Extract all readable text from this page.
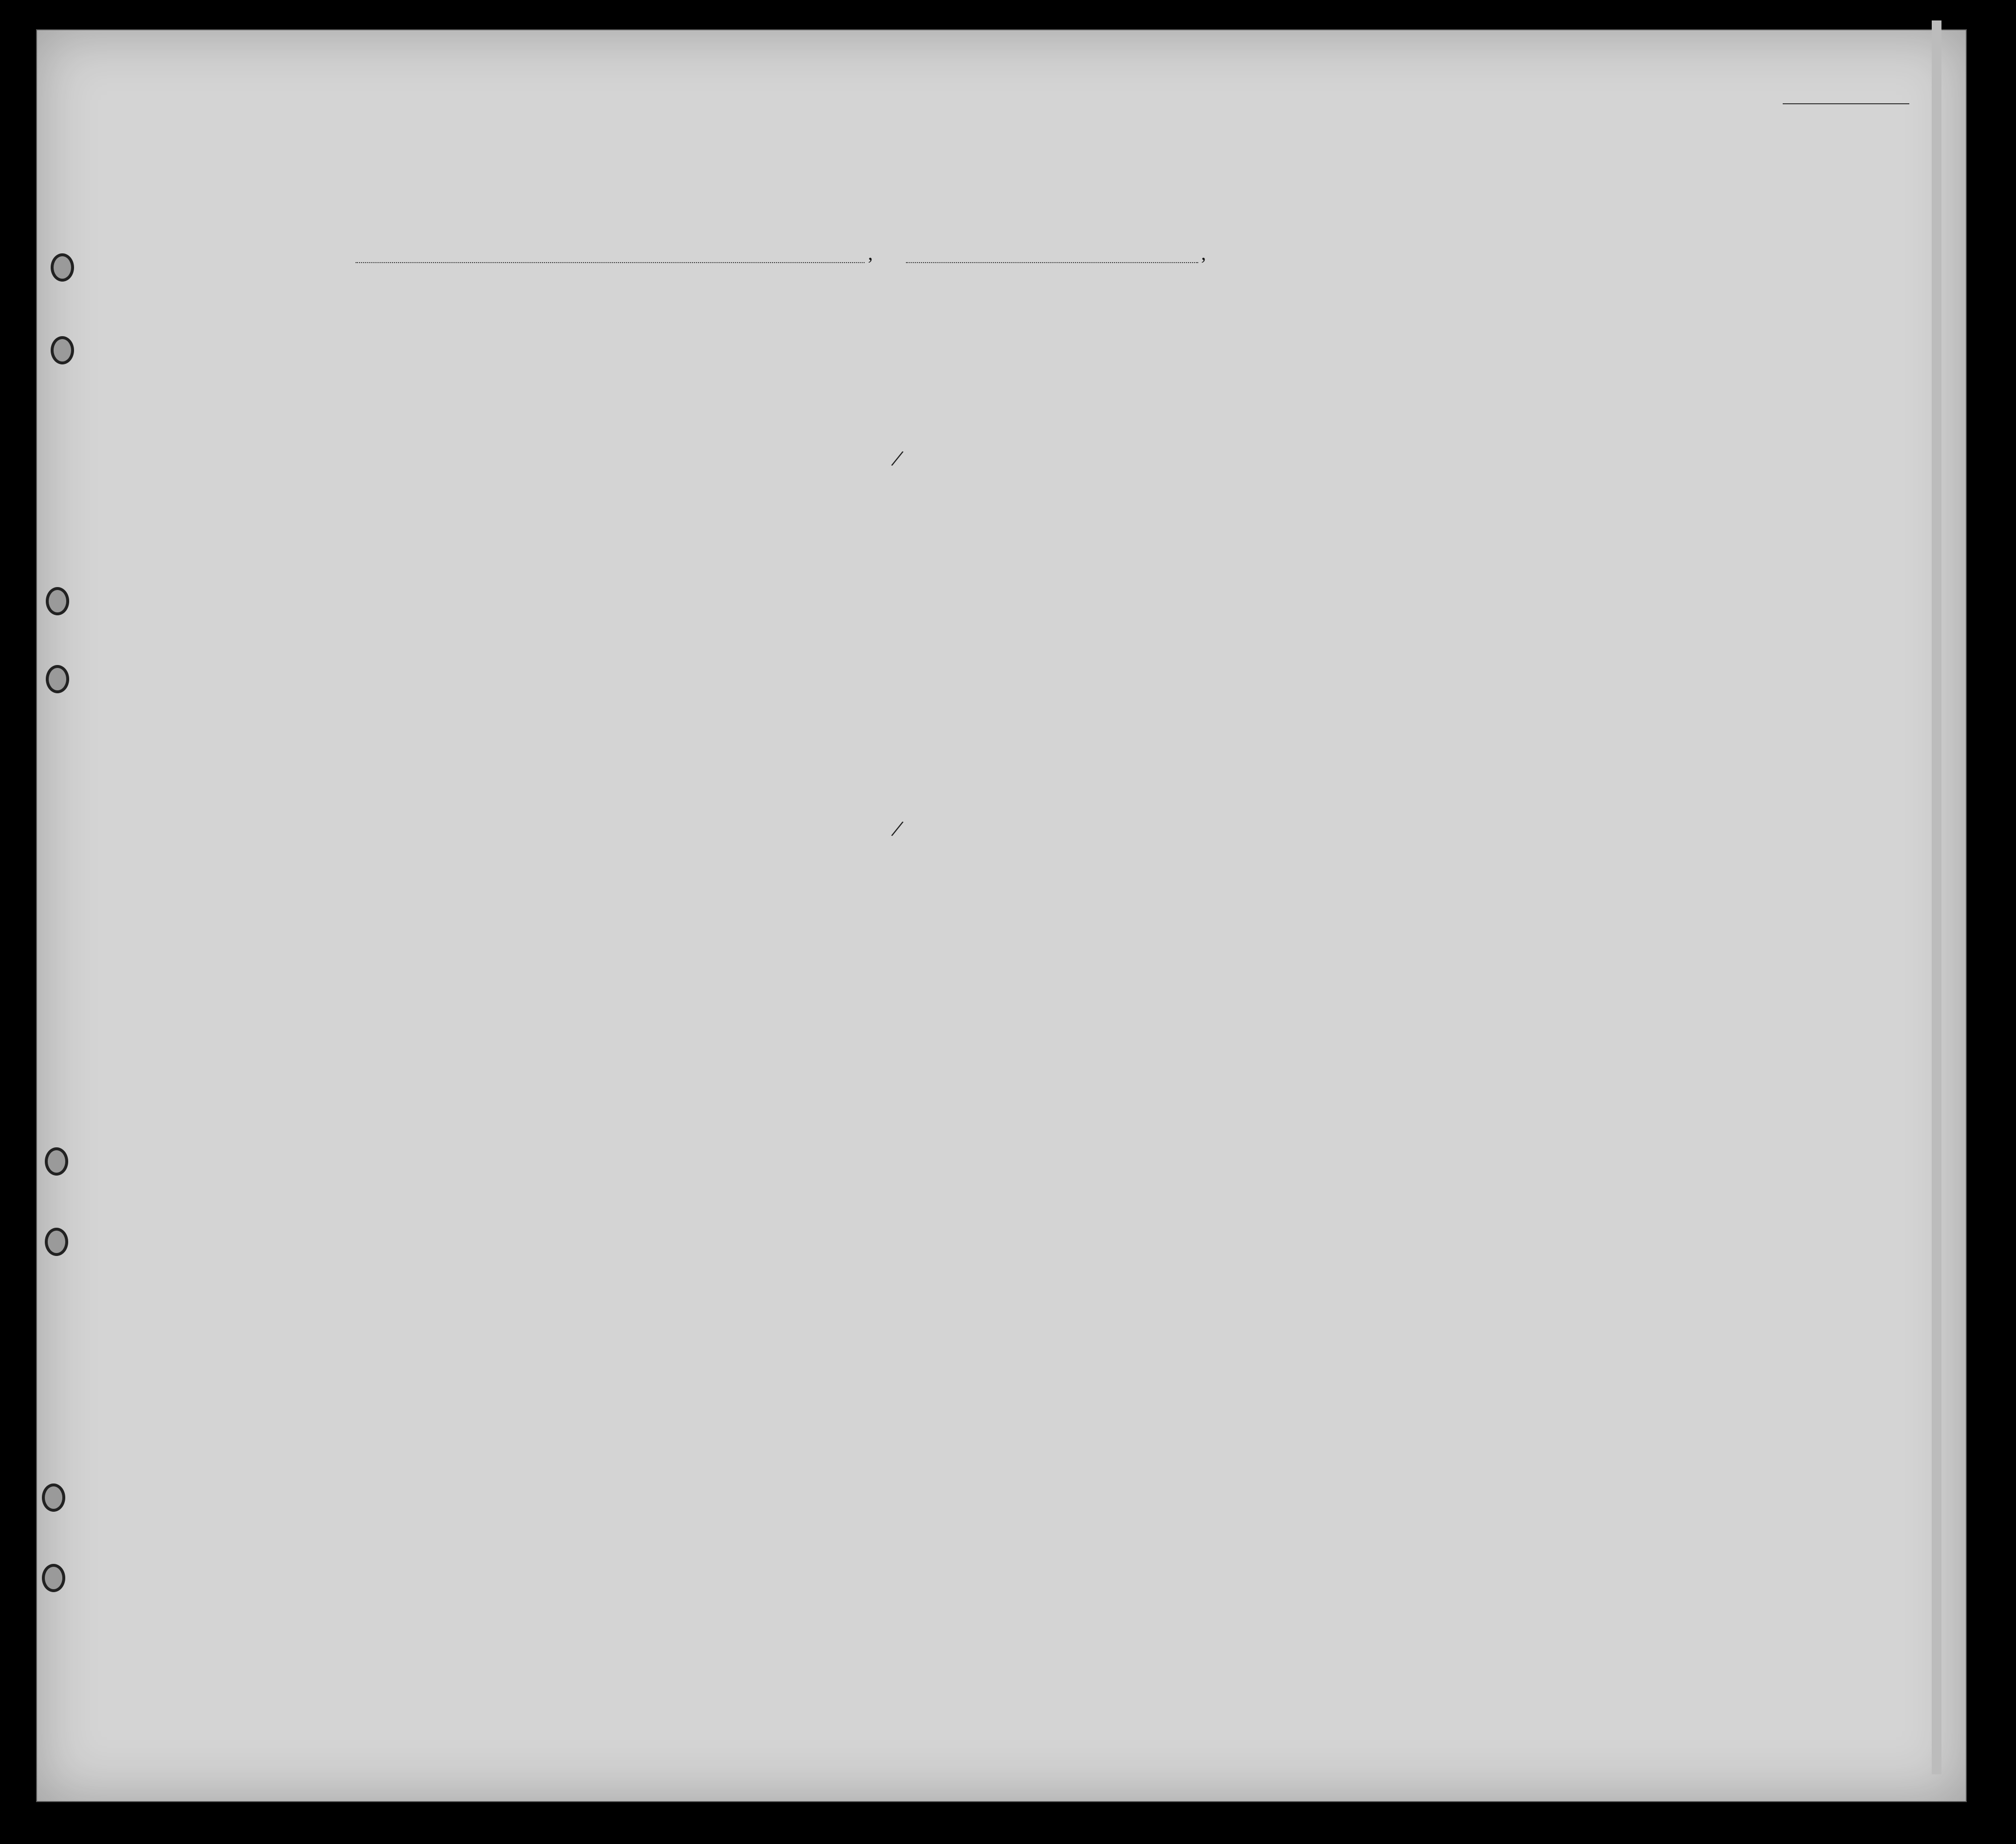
,	,
/
/
